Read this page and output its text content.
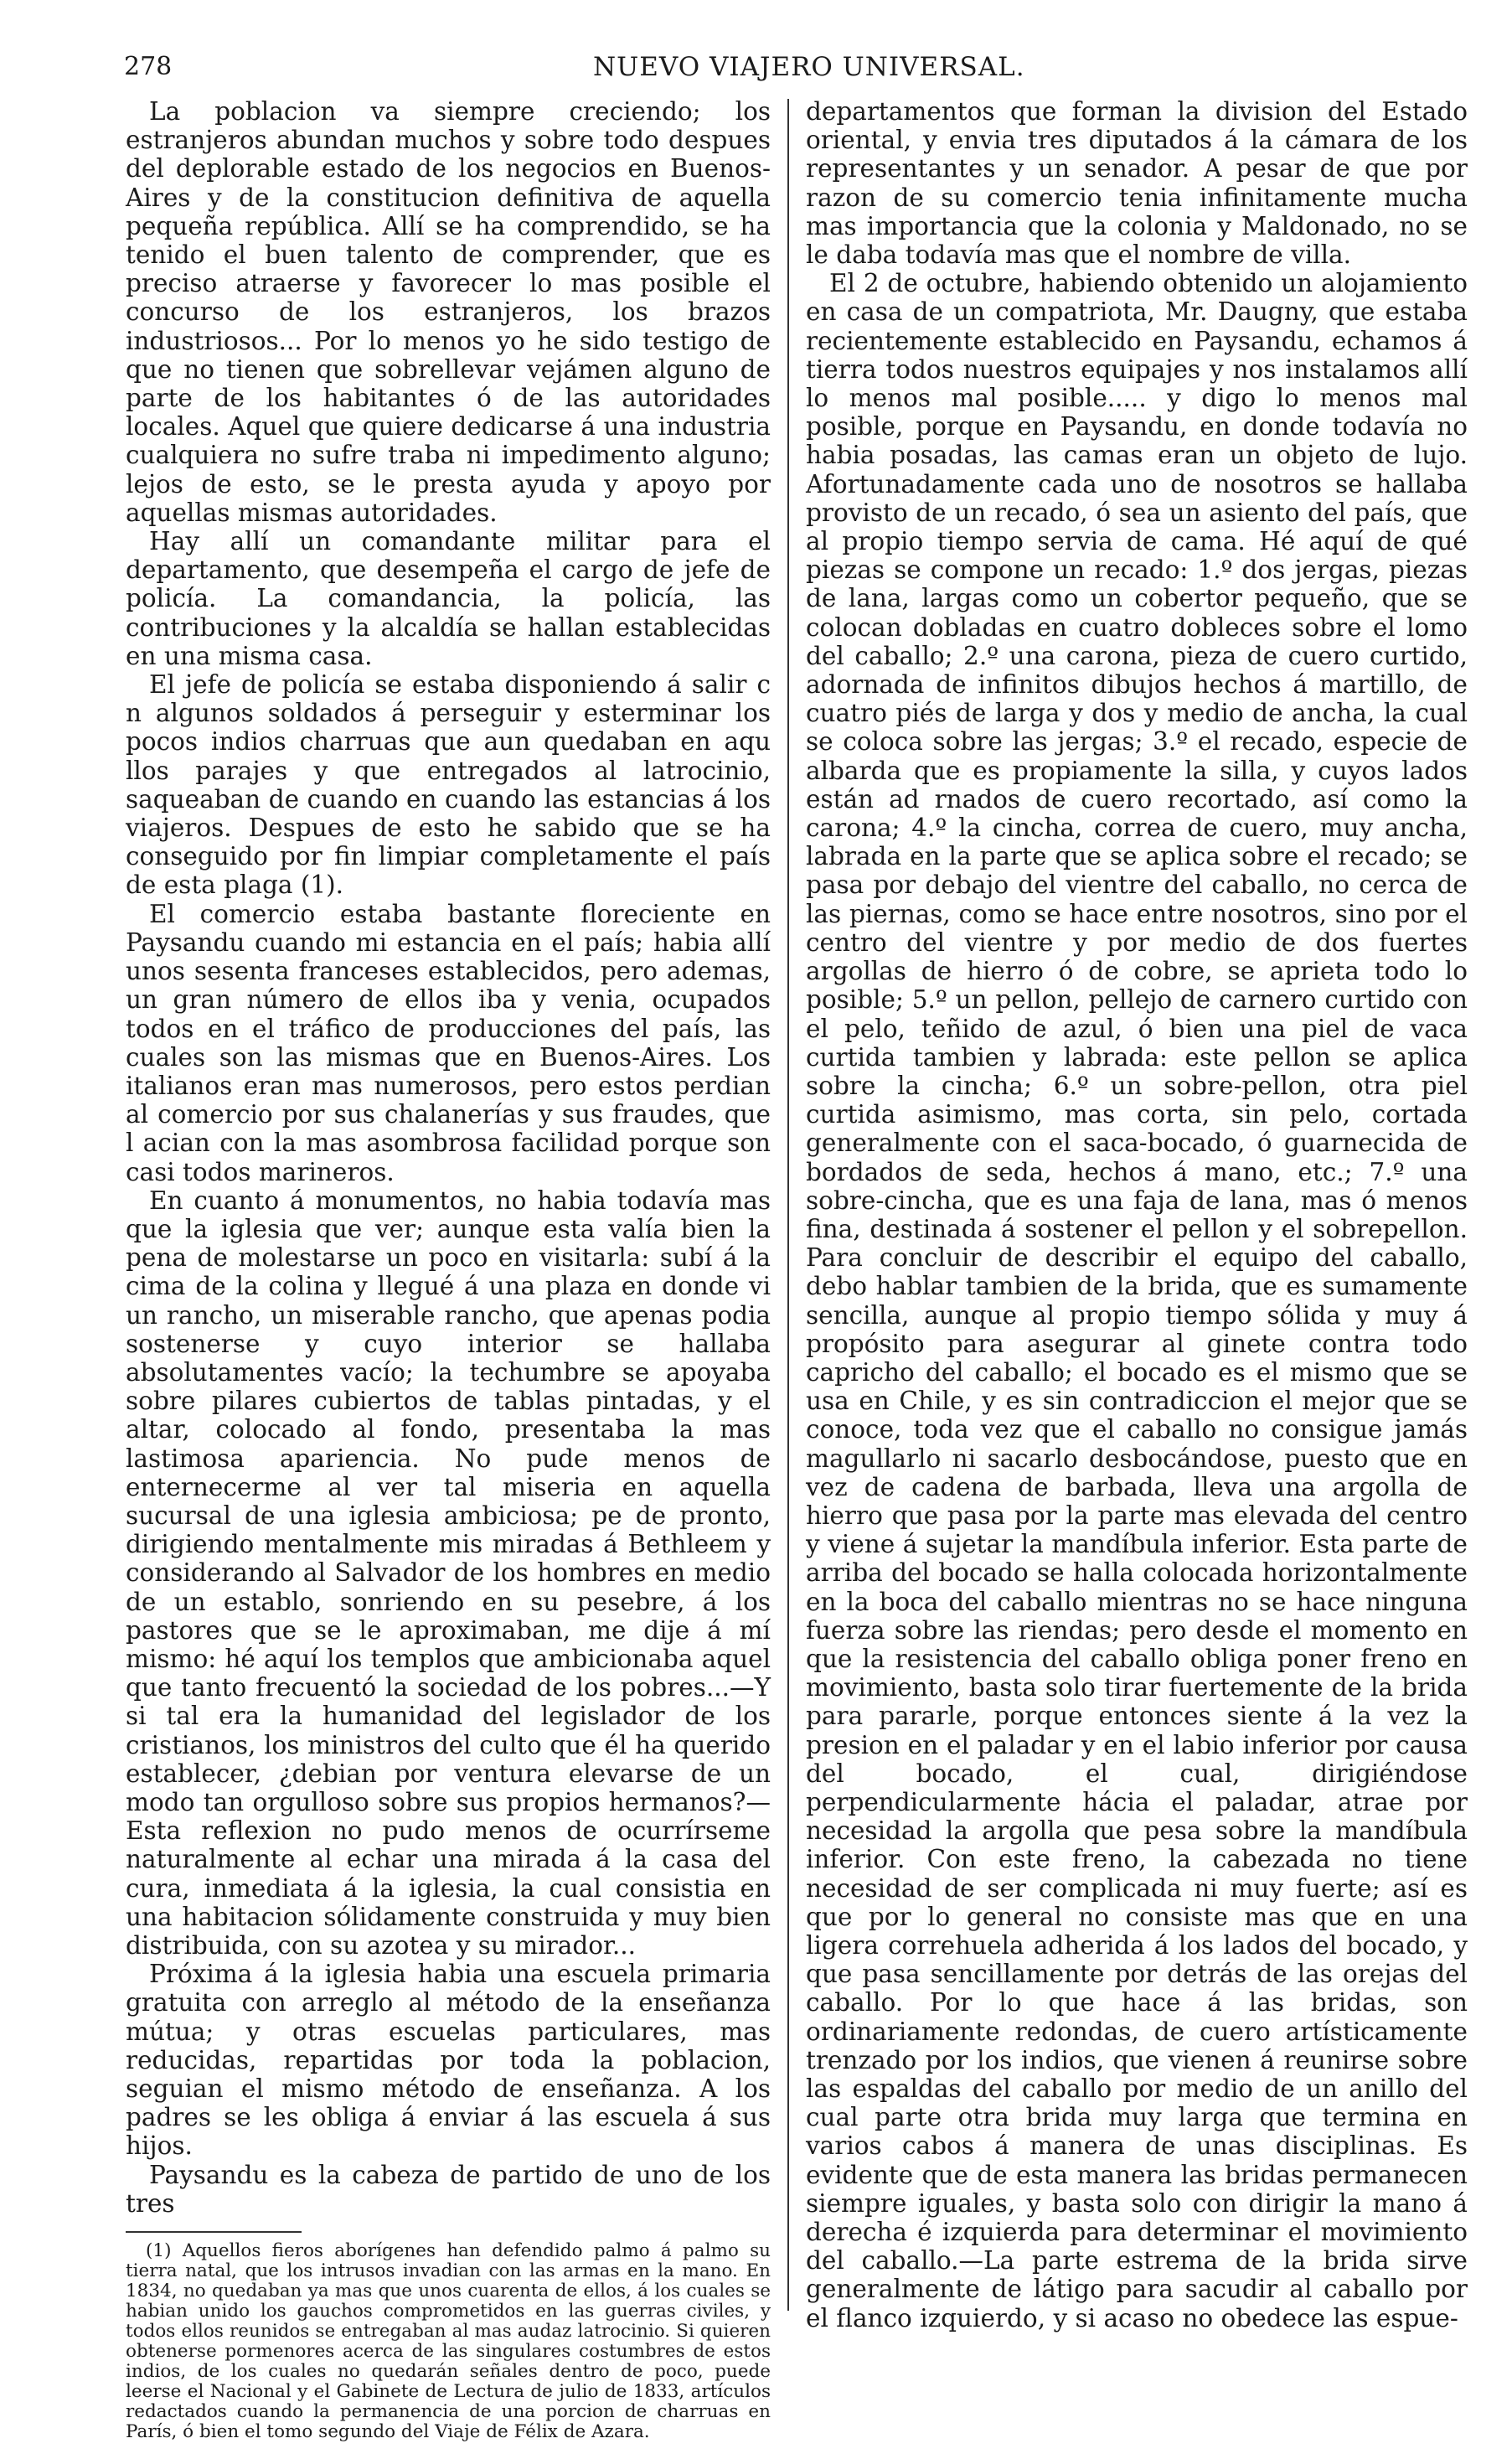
278	NUEVO VIAJERO UNIVERSAL.

La poblacion va siempre creciendo; los estranjeros abundan muchos y sobre todo despues del deplorable estado de los negocios en Buenos-Aires y de la constitucion definitiva de aquella pequeña república. Allí se ha comprendido, se ha tenido el buen talento de comprender, que es preciso atraerse y favorecer lo mas posible el concurso de los estranjeros, los brazos industriosos... Por lo menos yo he sido testigo de que no tienen que sobrellevar vejámen alguno de parte de los habitantes ó de las autoridades locales. Aquel que quiere dedicarse á una industria cualquiera no sufre traba ni impedimento alguno; lejos de esto, se le presta ayuda y apoyo por aquellas mismas autoridades.

Hay allí un comandante militar para el departamento, que desempeña el cargo de jefe de policía. La comandancia, la policía, las contribuciones y la alcaldía se hallan establecidas en una misma casa.

El jefe de policía se estaba disponiendo á salir c n algunos soldados á perseguir y esterminar los pocos indios charruas que aun quedaban en aqu llos parajes y que entregados al latrocinio, saqueaban de cuando en cuando las estancias á los viajeros. Despues de esto he sabido que se ha conseguido por fin limpiar completamente el país de esta plaga (1).

El comercio estaba bastante floreciente en Paysandu cuando mi estancia en el país; habia allí unos sesenta franceses establecidos, pero ademas, un gran número de ellos iba y venia, ocupados todos en el tráfico de producciones del país, las cuales son las mismas que en Buenos-Aires. Los italianos eran mas numerosos, pero estos perdian al comercio por sus chalanerías y sus fraudes, que l acian con la mas asombrosa facilidad porque son casi todos marineros.

En cuanto á monumentos, no habia todavía mas que la iglesia que ver; aunque esta valía bien la pena de molestarse un poco en visitarla: subí á la cima de la colina y llegué á una plaza en donde vi un rancho, un miserable rancho, que apenas podia sostenerse y cuyo interior se hallaba absolutamentes vacío; la techumbre se apoyaba sobre pilares cubiertos de tablas pintadas, y el altar, colocado al fondo, presentaba la mas lastimosa apariencia. No pude menos de enternecerme al ver tal miseria en aquella sucursal de una iglesia ambiciosa; pe de pronto, dirigiendo mentalmente mis miradas á Bethleem y considerando al Salvador de los hombres en medio de un establo, sonriendo en su pesebre, á los pastores que se le aproximaban, me dije á mí mismo: hé aquí los templos que ambicionaba aquel que tanto frecuentó la sociedad de los pobres...—Y si tal era la humanidad del legislador de los cristianos, los ministros del culto que él ha querido establecer, ¿debian por ventura elevarse de un modo tan orgulloso sobre sus propios hermanos?—Esta reflexion no pudo menos de ocurrírseme naturalmente al echar una mirada á la casa del cura, inmediata á la iglesia, la cual consistia en una habitacion sólidamente construida y muy bien distribuida, con su azotea y su mirador...

Próxima á la iglesia habia una escuela primaria gratuita con arreglo al método de la enseñanza mútua; y otras escuelas particulares, mas reducidas, repartidas por toda la poblacion, seguian el mismo método de enseñanza. A los padres se les obliga á enviar á las escuela á sus hijos.

Paysandu es la cabeza de partido de uno de los tres

(1) Aquellos fieros aborígenes han defendido palmo á palmo su tierra natal, que los intrusos invadian con las armas en la mano. En 1834, no quedaban ya mas que unos cuarenta de ellos, á los cuales se habian unido los gauchos comprometidos en las guerras civiles, y todos ellos reunidos se entregaban al mas audaz latrocinio. Si quieren obtenerse pormenores acerca de las singulares costumbres de estos indios, de los cuales no quedarán señales dentro de poco, puede leerse el Nacional y el Gabinete de Lectura de julio de 1833, artículos redactados cuando la permanencia de una porcion de charruas en París, ó bien el tomo segundo del Viaje de Félix de Azara.

departamentos que forman la division del Estado oriental, y envia tres diputados á la cámara de los representantes y un senador. A pesar de que por razon de su comercio tenia infinitamente mucha mas importancia que la colonia y Maldonado, no se le daba todavía mas que el nombre de villa.

El 2 de octubre, habiendo obtenido un alojamiento en casa de un compatriota, Mr. Daugny, que estaba recientemente establecido en Paysandu, echamos á tierra todos nuestros equipajes y nos instalamos allí lo menos mal posible..... y digo lo menos mal posible, porque en Paysandu, en donde todavía no habia posadas, las camas eran un objeto de lujo. Afortunadamente cada uno de nosotros se hallaba provisto de un recado, ó sea un asiento del país, que al propio tiempo servia de cama. Hé aquí de qué piezas se compone un recado: 1.º dos jergas, piezas de lana, largas como un cobertor pequeño, que se colocan dobladas en cuatro dobleces sobre el lomo del caballo; 2.º una carona, pieza de cuero curtido, adornada de infinitos dibujos hechos á martillo, de cuatro piés de larga y dos y medio de ancha, la cual se coloca sobre las jergas; 3.º el recado, especie de albarda que es propiamente la silla, y cuyos lados están ad rnados de cuero recortado, así como la carona; 4.º la cincha, correa de cuero, muy ancha, labrada en la parte que se aplica sobre el recado; se pasa por debajo del vientre del caballo, no cerca de las piernas, como se hace entre nosotros, sino por el centro del vientre y por medio de dos fuertes argollas de hierro ó de cobre, se aprieta todo lo posible; 5.º un pellon, pellejo de carnero curtido con el pelo, teñido de azul, ó bien una piel de vaca curtida tambien y labrada: este pellon se aplica sobre la cincha; 6.º un sobre-pellon, otra piel curtida asimismo, mas corta, sin pelo, cortada generalmente con el saca-bocado, ó guarnecida de bordados de seda, hechos á mano, etc.; 7.º una sobre-cincha, que es una faja de lana, mas ó menos fina, destinada á sostener el pellon y el sobrepellon. Para concluir de describir el equipo del caballo, debo hablar tambien de la brida, que es sumamente sencilla, aunque al propio tiempo sólida y muy á propósito para asegurar al ginete contra todo capricho del caballo; el bocado es el mismo que se usa en Chile, y es sin contradiccion el mejor que se conoce, toda vez que el caballo no consigue jamás magullarlo ni sacarlo desbocándose, puesto que en vez de cadena de barbada, lleva una argolla de hierro que pasa por la parte mas elevada del centro y viene á sujetar la mandíbula inferior. Esta parte de arriba del bocado se halla colocada horizontalmente en la boca del caballo mientras no se hace ninguna fuerza sobre las riendas; pero desde el momento en que la resistencia del caballo obliga poner freno en movimiento, basta solo tirar fuertemente de la brida para pararle, porque entonces siente á la vez la presion en el paladar y en el labio inferior por causa del bocado, el cual, dirigiéndose perpendicularmente hácia el paladar, atrae por necesidad la argolla que pesa sobre la mandíbula inferior. Con este freno, la cabezada no tiene necesidad de ser complicada ni muy fuerte; así es que por lo general no consiste mas que en una ligera correhuela adherida á los lados del bocado, y que pasa sencillamente por detrás de las orejas del caballo. Por lo que hace á las bridas, son ordinariamente redondas, de cuero artísticamente trenzado por los indios, que vienen á reunirse sobre las espaldas del caballo por medio de un anillo del cual parte otra brida muy larga que termina en varios cabos á manera de unas disciplinas. Es evidente que de esta manera las bridas permanecen siempre iguales, y basta solo con dirigir la mano á derecha é izquierda para determinar el movimiento del caballo.—La parte estrema de la brida sirve generalmente de látigo para sacudir al caballo por el flanco izquierdo, y si acaso no obedece las espue-
